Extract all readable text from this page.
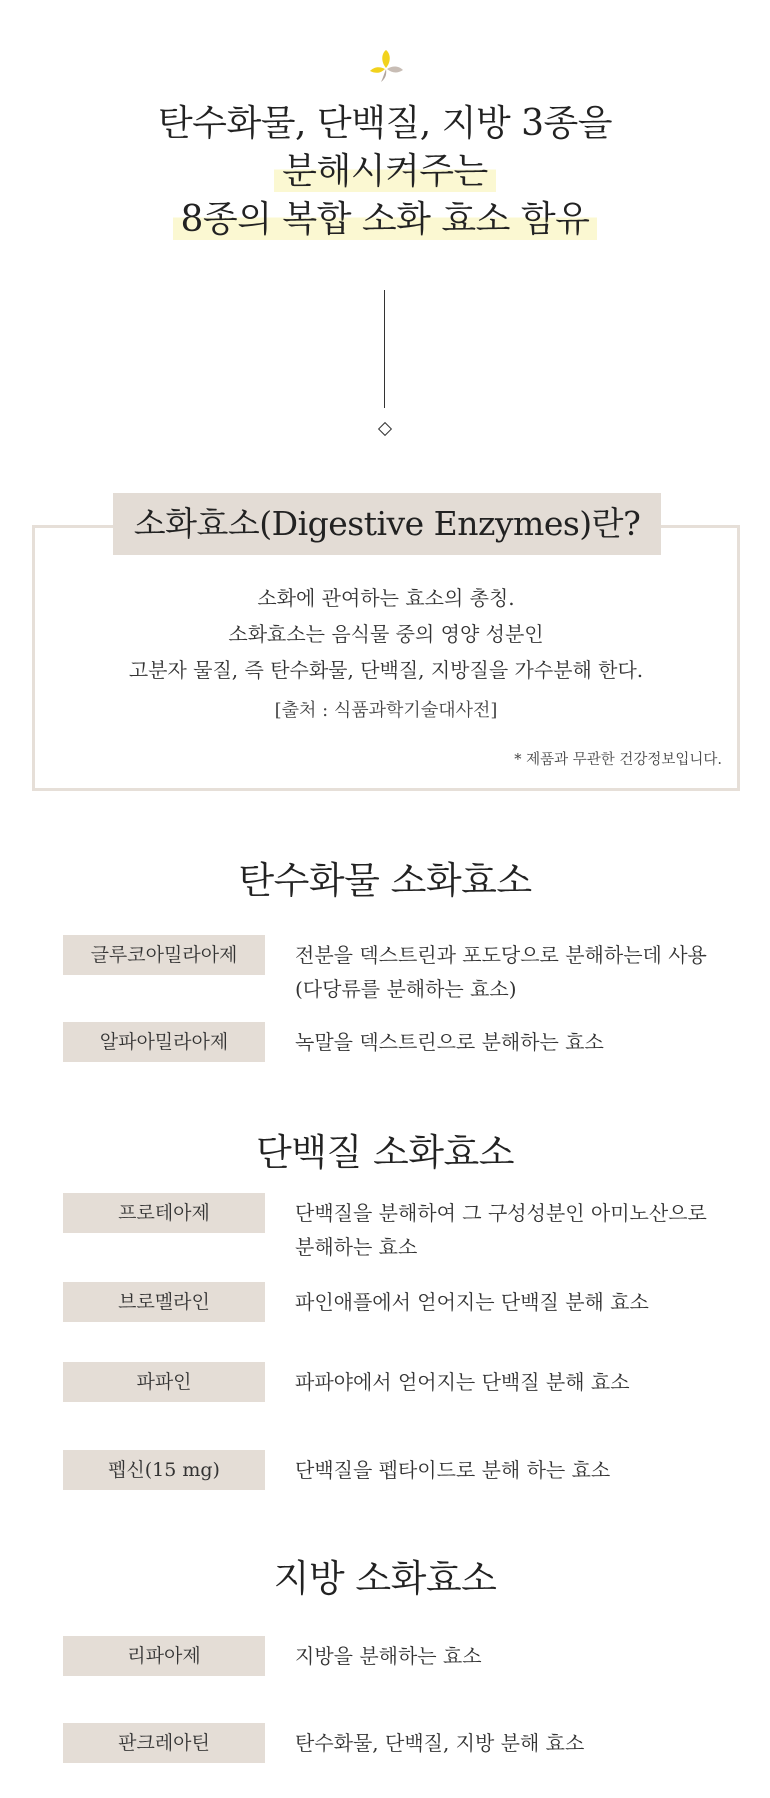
탄수화물, 단백질, 지방 3종을
분해시켜주는
8종의 복합 소화 효소 함유
소화효소(Digestive Enzymes)란?
소화에 관여하는 효소의 총칭.
소화효소는 음식물 중의 영양 성분인
고분자 물질, 즉 탄수화물, 단백질, 지방질을 가수분해 한다.
[출처 : 식품과학기술대사전]
* 제품과 무관한 건강정보입니다.
탄수화물 소화효소
글루코아밀라아제	전분을 덱스트린과 포도당으로 분해하는데 사용
(다당류를 분해하는 효소)
알파아밀라아제	녹말을 덱스트린으로 분해하는 효소
단백질 소화효소
프로테아제	단백질을 분해하여 그 구성성분인 아미노산으로
분해하는 효소
브로멜라인	파인애플에서 얻어지는 단백질 분해 효소
파파인	파파야에서 얻어지는 단백질 분해 효소
펩신(15 mg)	단백질을 펩타이드로 분해 하는 효소
지방 소화효소
리파아제	지방을 분해하는 효소
판크레아틴	탄수화물, 단백질, 지방 분해 효소
